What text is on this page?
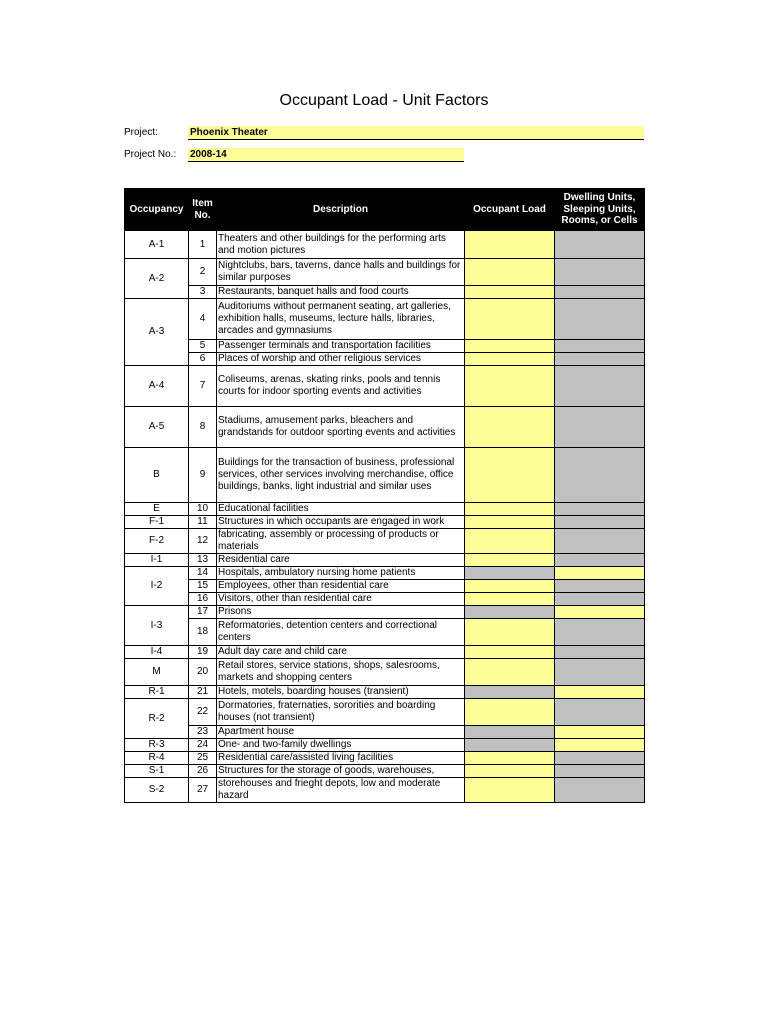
Occupant Load - Unit Factors
Project:	Phoenix Theater
Project No.: 2008-14
Occupancy	Item No.	Description	Occupant Load	Dwelling Units, Sleeping Units, Rooms, or Cells
A-1	1	Theaters and other buildings for the performing arts and motion pictures		

A-2	2	Nightclubs, bars, taverns, dance halls and buildings for similar purposes		

	3	Restaurants, banquet halls and food courts		

A-3	4	Auditoriums without permanent seating, art galleries, exhibition halls, museums, lecture halls, libraries, arcades and gymnasiums		

	5	Passenger terminals and transportation facilities		

	6	Places of worship and other religious services		

A-4	7	Coliseums, arenas, skating rinks, pools and tennis courts for indoor sporting events and activities		

A-5	8	Stadiums, amusement parks, bleachers and grandstands for outdoor sporting events and activities		

B	9	Buildings for the transaction of business, professional services, other services involving merchandise, office buildings, banks, light industrial and similar uses		

E	10	Educational facilities		

F-1	11	Structures in which occupants are engaged in work		

F-2	12	fabricating, assembly or processing of products or materials		

I-1	13	Residential care		

I-2	14	Hospitals, ambulatory nursing home patients		

	15	Employees, other than residential care		

	16	Visitors, other than residential care		

I-3	17	Prisons		

	18	Reformatories, detention centers and correctional centers		

I-4	19	Adult day care and child care		

M	20	Retail stores, service stations, shops, salesrooms, markets and shopping centers		

R-1	21	Hotels, motels, boarding houses (transient)		

R-2	22	Dormatories, fraternaties, sororities and boarding houses (not transient)		

	23	Apartment house		

R-3	24	One- and two-family dwellings		

R-4	25	Residential care/assisted living facilities		

S-1	26	Structures for the storage of goods, warehouses,		

S-2	27	storehouses and frieght depots, low and moderate hazard		
